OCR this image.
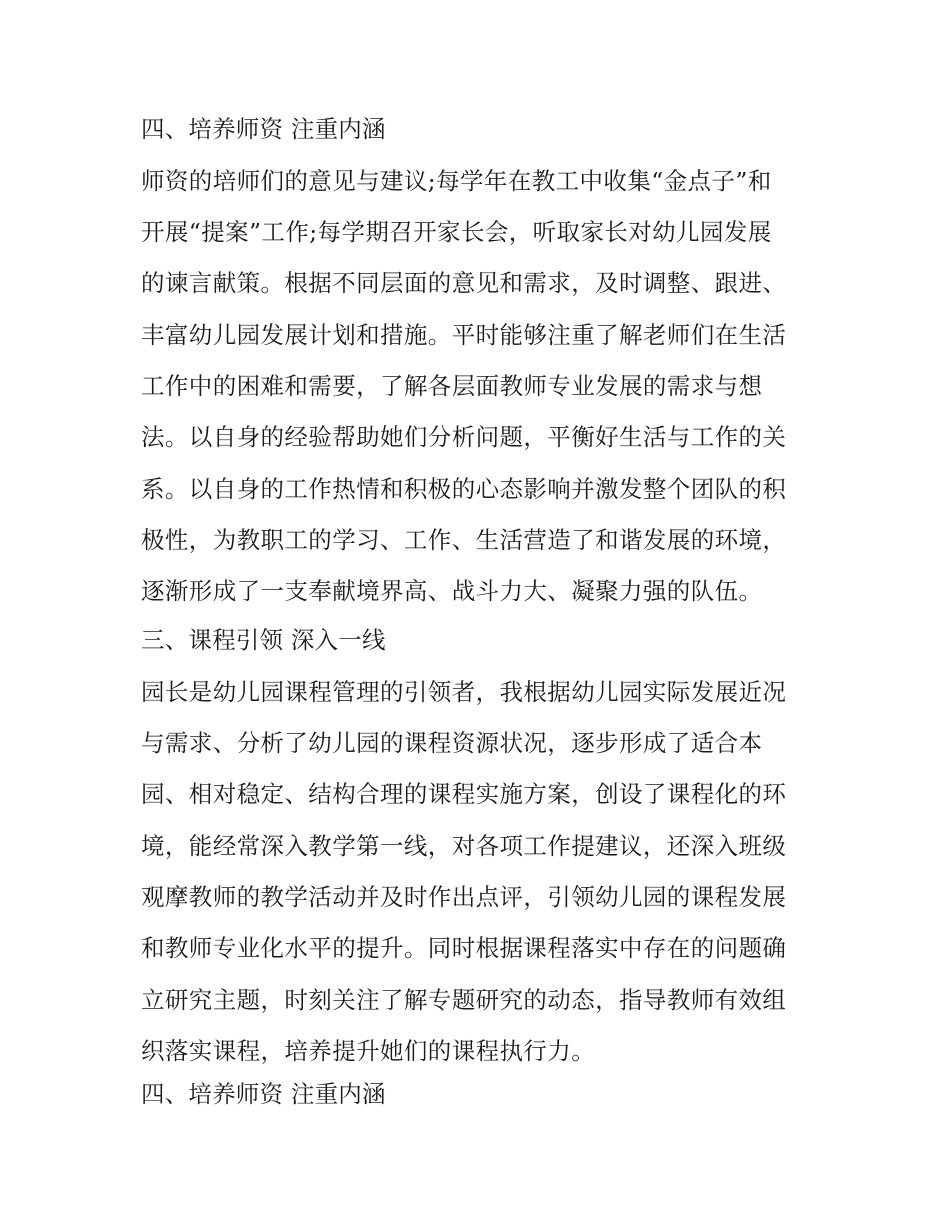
四、培养师资 注重内涵
师资的培师们的意见与建议;每学年在教工中收集“金点子”和
开展“提案”工作;每学期召开家长会，听取家长对幼儿园发展
的谏言献策。根据不同层面的意见和需求，及时调整、跟进、
丰富幼儿园发展计划和措施。平时能够注重了解老师们在生活
工作中的困难和需要，了解各层面教师专业发展的需求与想
法。以自身的经验帮助她们分析问题，平衡好生活与工作的关
系。以自身的工作热情和积极的心态影响并激发整个团队的积
极性，为教职工的学习、工作、生活营造了和谐发展的环境，
逐渐形成了一支奉献境界高、战斗力大、凝聚力强的队伍。
三、课程引领 深入一线
园长是幼儿园课程管理的引领者，我根据幼儿园实际发展近况
与需求、分析了幼儿园的课程资源状况，逐步形成了适合本
园、相对稳定、结构合理的课程实施方案，创设了课程化的环
境，能经常深入教学第一线，对各项工作提建议，还深入班级
观摩教师的教学活动并及时作出点评，引领幼儿园的课程发展
和教师专业化水平的提升。同时根据课程落实中存在的问题确
立研究主题，时刻关注了解专题研究的动态，指导教师有效组
织落实课程，培养提升她们的课程执行力。
四、培养师资 注重内涵
